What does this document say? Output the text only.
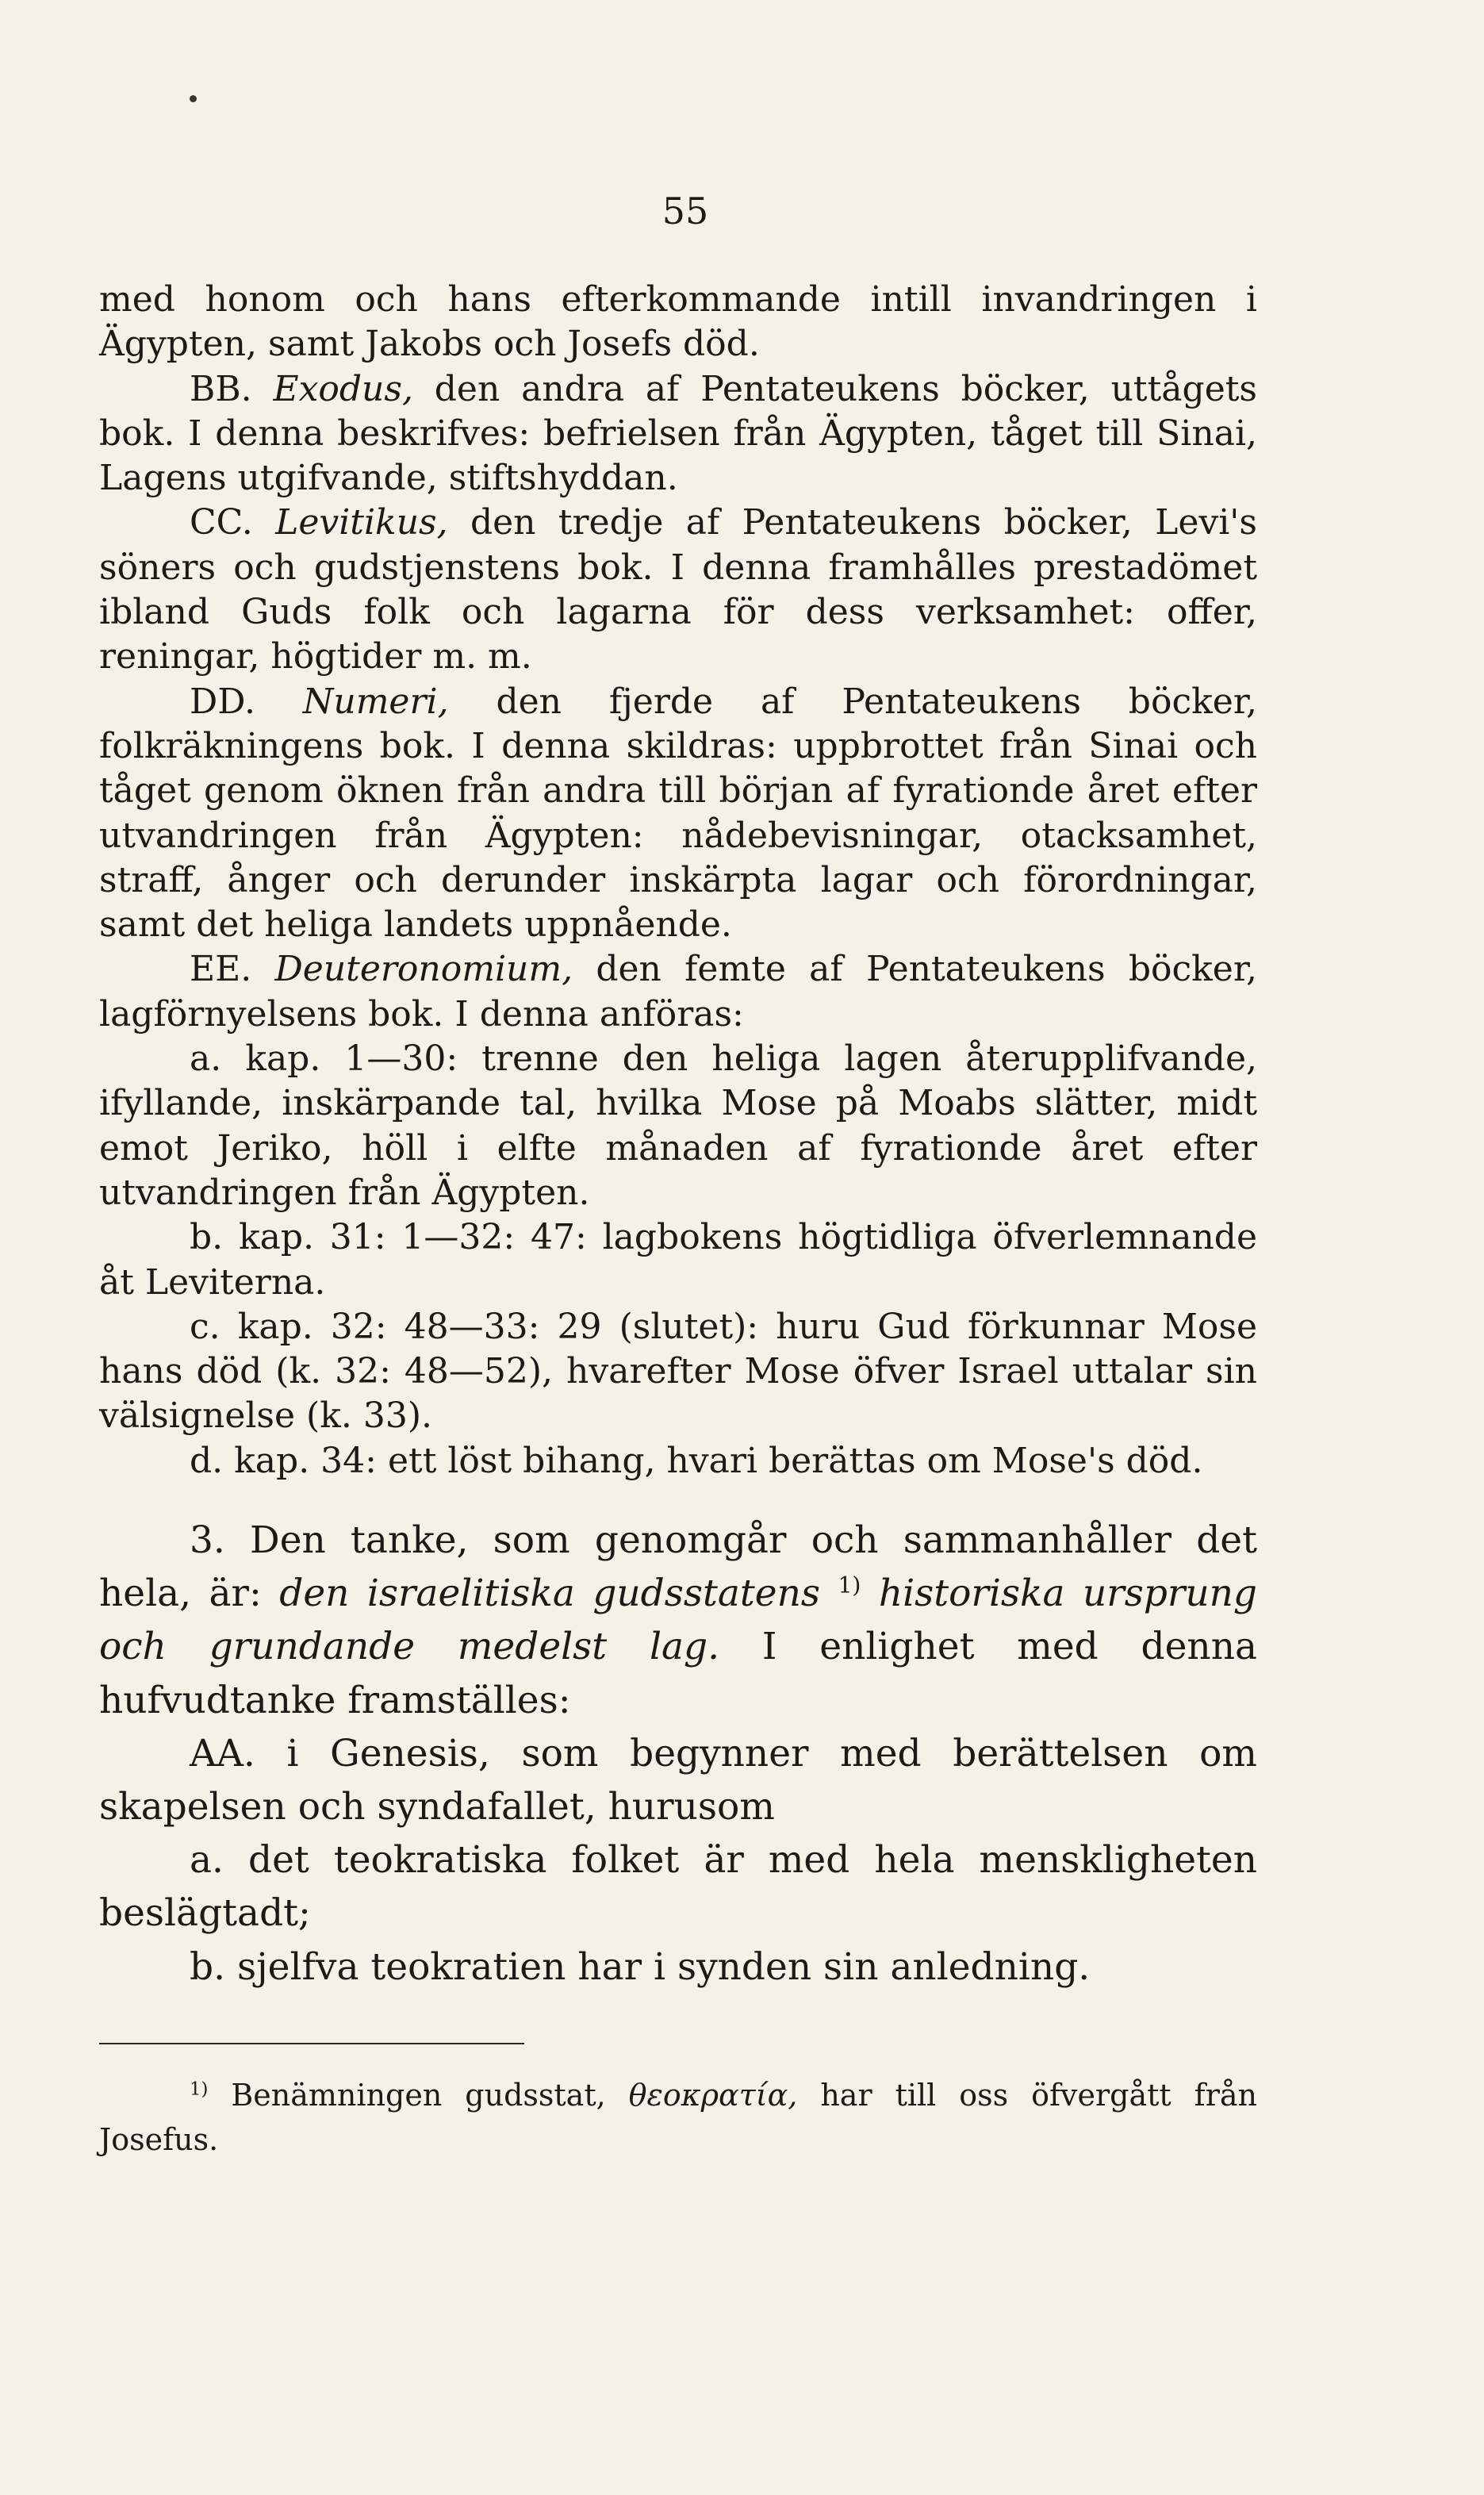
55

med honom och hans efterkommande intill invandringen i Ägypten, samt Jakobs och Josefs död.

BB. Exodus, den andra af Pentateukens böcker, uttågets bok. I denna beskrifves: befrielsen från Ägypten, tåget till Sinai, Lagens utgifvande, stiftshyddan.

CC. Levitikus, den tredje af Pentateukens böcker, Levi's söners och gudstjenstens bok. I denna framhålles prestadömet ibland Guds folk och lagarna för dess verksamhet: offer, reningar, högtider m. m.

DD. Numeri, den fjerde af Pentateukens böcker, folkräkningens bok. I denna skildras: uppbrottet från Sinai och tåget genom öknen från andra till början af fyrationde året efter utvandringen från Ägypten: nådebevisningar, otacksamhet, straff, ånger och derunder inskärpta lagar och förordningar, samt det heliga landets uppnående.

EE. Deuteronomium, den femte af Pentateukens böcker, lagförnyelsens bok. I denna anföras:

a. kap. 1—30: trenne den heliga lagen återupplifvande, ifyllande, inskärpande tal, hvilka Mose på Moabs slätter, midt emot Jeriko, höll i elfte månaden af fyrationde året efter utvandringen från Ägypten.

b. kap. 31: 1—32: 47: lagbokens högtidliga öfverlemnande åt Leviterna.

c. kap. 32: 48—33: 29 (slutet): huru Gud förkunnar Mose hans död (k. 32: 48—52), hvarefter Mose öfver Israel uttalar sin välsignelse (k. 33).

d. kap. 34: ett löst bihang, hvari berättas om Mose's död.

3. Den tanke, som genomgår och sammanhåller det hela, är: den israelitiska gudsstatens $^{1)}$ historiska ursprung och grundande medelst lag. I enlighet med denna hufvudtanke framställes:

AA. i Genesis, som begynner med berättelsen om skapelsen och syndafallet, hurusom

a. det teokratiska folket är med hela menskligheten beslägtadt;

b. sjelfva teokratien har i synden sin anledning.

$^{1)}$ Benämningen gudsstat, θεοκρατία, har till oss öfvergått från Josefus.
